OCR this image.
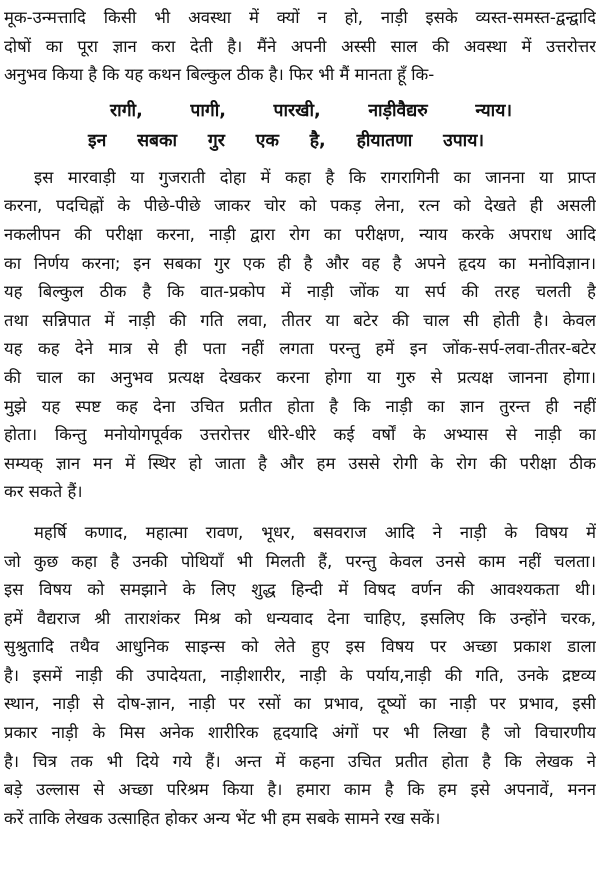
मूक-उन्मत्तादि किसी भी अवस्था में क्यों न हो, नाड़ी इसके व्यस्त-समस्त-द्वन्द्वादि
दोषों का पूरा ज्ञान करा देती है। मैंने अपनी अस्सी साल की अवस्था में उत्तरोत्तर
अनुभव किया है कि यह कथन बिल्कुल ठीक है। फिर भी मैं मानता हूँ कि-
रागी, पागी, पारखी, नाड़ीवैद्यरु न्याय।
इन सबका गुर एक है, हीयातणा उपाय।
इस मारवाड़ी या गुजराती दोहा में कहा है कि रागरागिनी का जानना या प्राप्त
करना, पदचिह्नों के पीछे-पीछे जाकर चोर को पकड़ लेना, रत्न को देखते ही असली
नकलीपन की परीक्षा करना, नाड़ी द्वारा रोग का परीक्षण, न्याय करके अपराध आदि
का निर्णय करना; इन सबका गुर एक ही है और वह है अपने हृदय का मनोविज्ञान।
यह बिल्कुल ठीक है कि वात-प्रकोप में नाड़ी जोंक या सर्प की तरह चलती है
तथा सन्निपात में नाड़ी की गति लवा, तीतर या बटेर की चाल सी होती है। केवल
यह कह देने मात्र से ही पता नहीं लगता परन्तु हमें इन जोंक-सर्प-लवा-तीतर-बटेर
की चाल का अनुभव प्रत्यक्ष देखकर करना होगा या गुरु से प्रत्यक्ष जानना होगा।
मुझे यह स्पष्ट कह देना उचित प्रतीत होता है कि नाड़ी का ज्ञान तुरन्त ही नहीं
होता। किन्तु मनोयोगपूर्वक उत्तरोत्तर धीरे-धीरे कई वर्षों के अभ्यास से नाड़ी का
सम्यक् ज्ञान मन में स्थिर हो जाता है और हम उससे रोगी के रोग की परीक्षा ठीक
कर सकते हैं।
महर्षि कणाद, महात्मा रावण, भूधर, बसवराज आदि ने नाड़ी के विषय में
जो कुछ कहा है उनकी पोथियाँ भी मिलती हैं, परन्तु केवल उनसे काम नहीं चलता।
इस विषय को समझाने के लिए शुद्ध हिन्दी में विषद वर्णन की आवश्यकता थी।
हमें वैद्यराज श्री ताराशंकर मिश्र को धन्यवाद देना चाहिए, इसलिए कि उन्होंने चरक,
सुश्रुतादि तथैव आधुनिक साइन्स को लेते हुए इस विषय पर अच्छा प्रकाश डाला
है। इसमें नाड़ी की उपादेयता, नाड़ीशारीर, नाड़ी के पर्याय,नाड़ी की गति, उनके द्रष्टव्य
स्थान, नाड़ी से दोष-ज्ञान, नाड़ी पर रसों का प्रभाव, दूष्यों का नाड़ी पर प्रभाव, इसी
प्रकार नाड़ी के मिस अनेक शारीरिक हृदयादि अंगों पर भी लिखा है जो विचारणीय
है। चित्र तक भी दिये गये हैं। अन्त में कहना उचित प्रतीत होता है कि लेखक ने
बड़े उल्लास से अच्छा परिश्रम किया है। हमारा काम है कि हम इसे अपनावें, मनन
करें ताकि लेखक उत्साहित होकर अन्य भेंट भी हम सबके सामने रख सकें।
